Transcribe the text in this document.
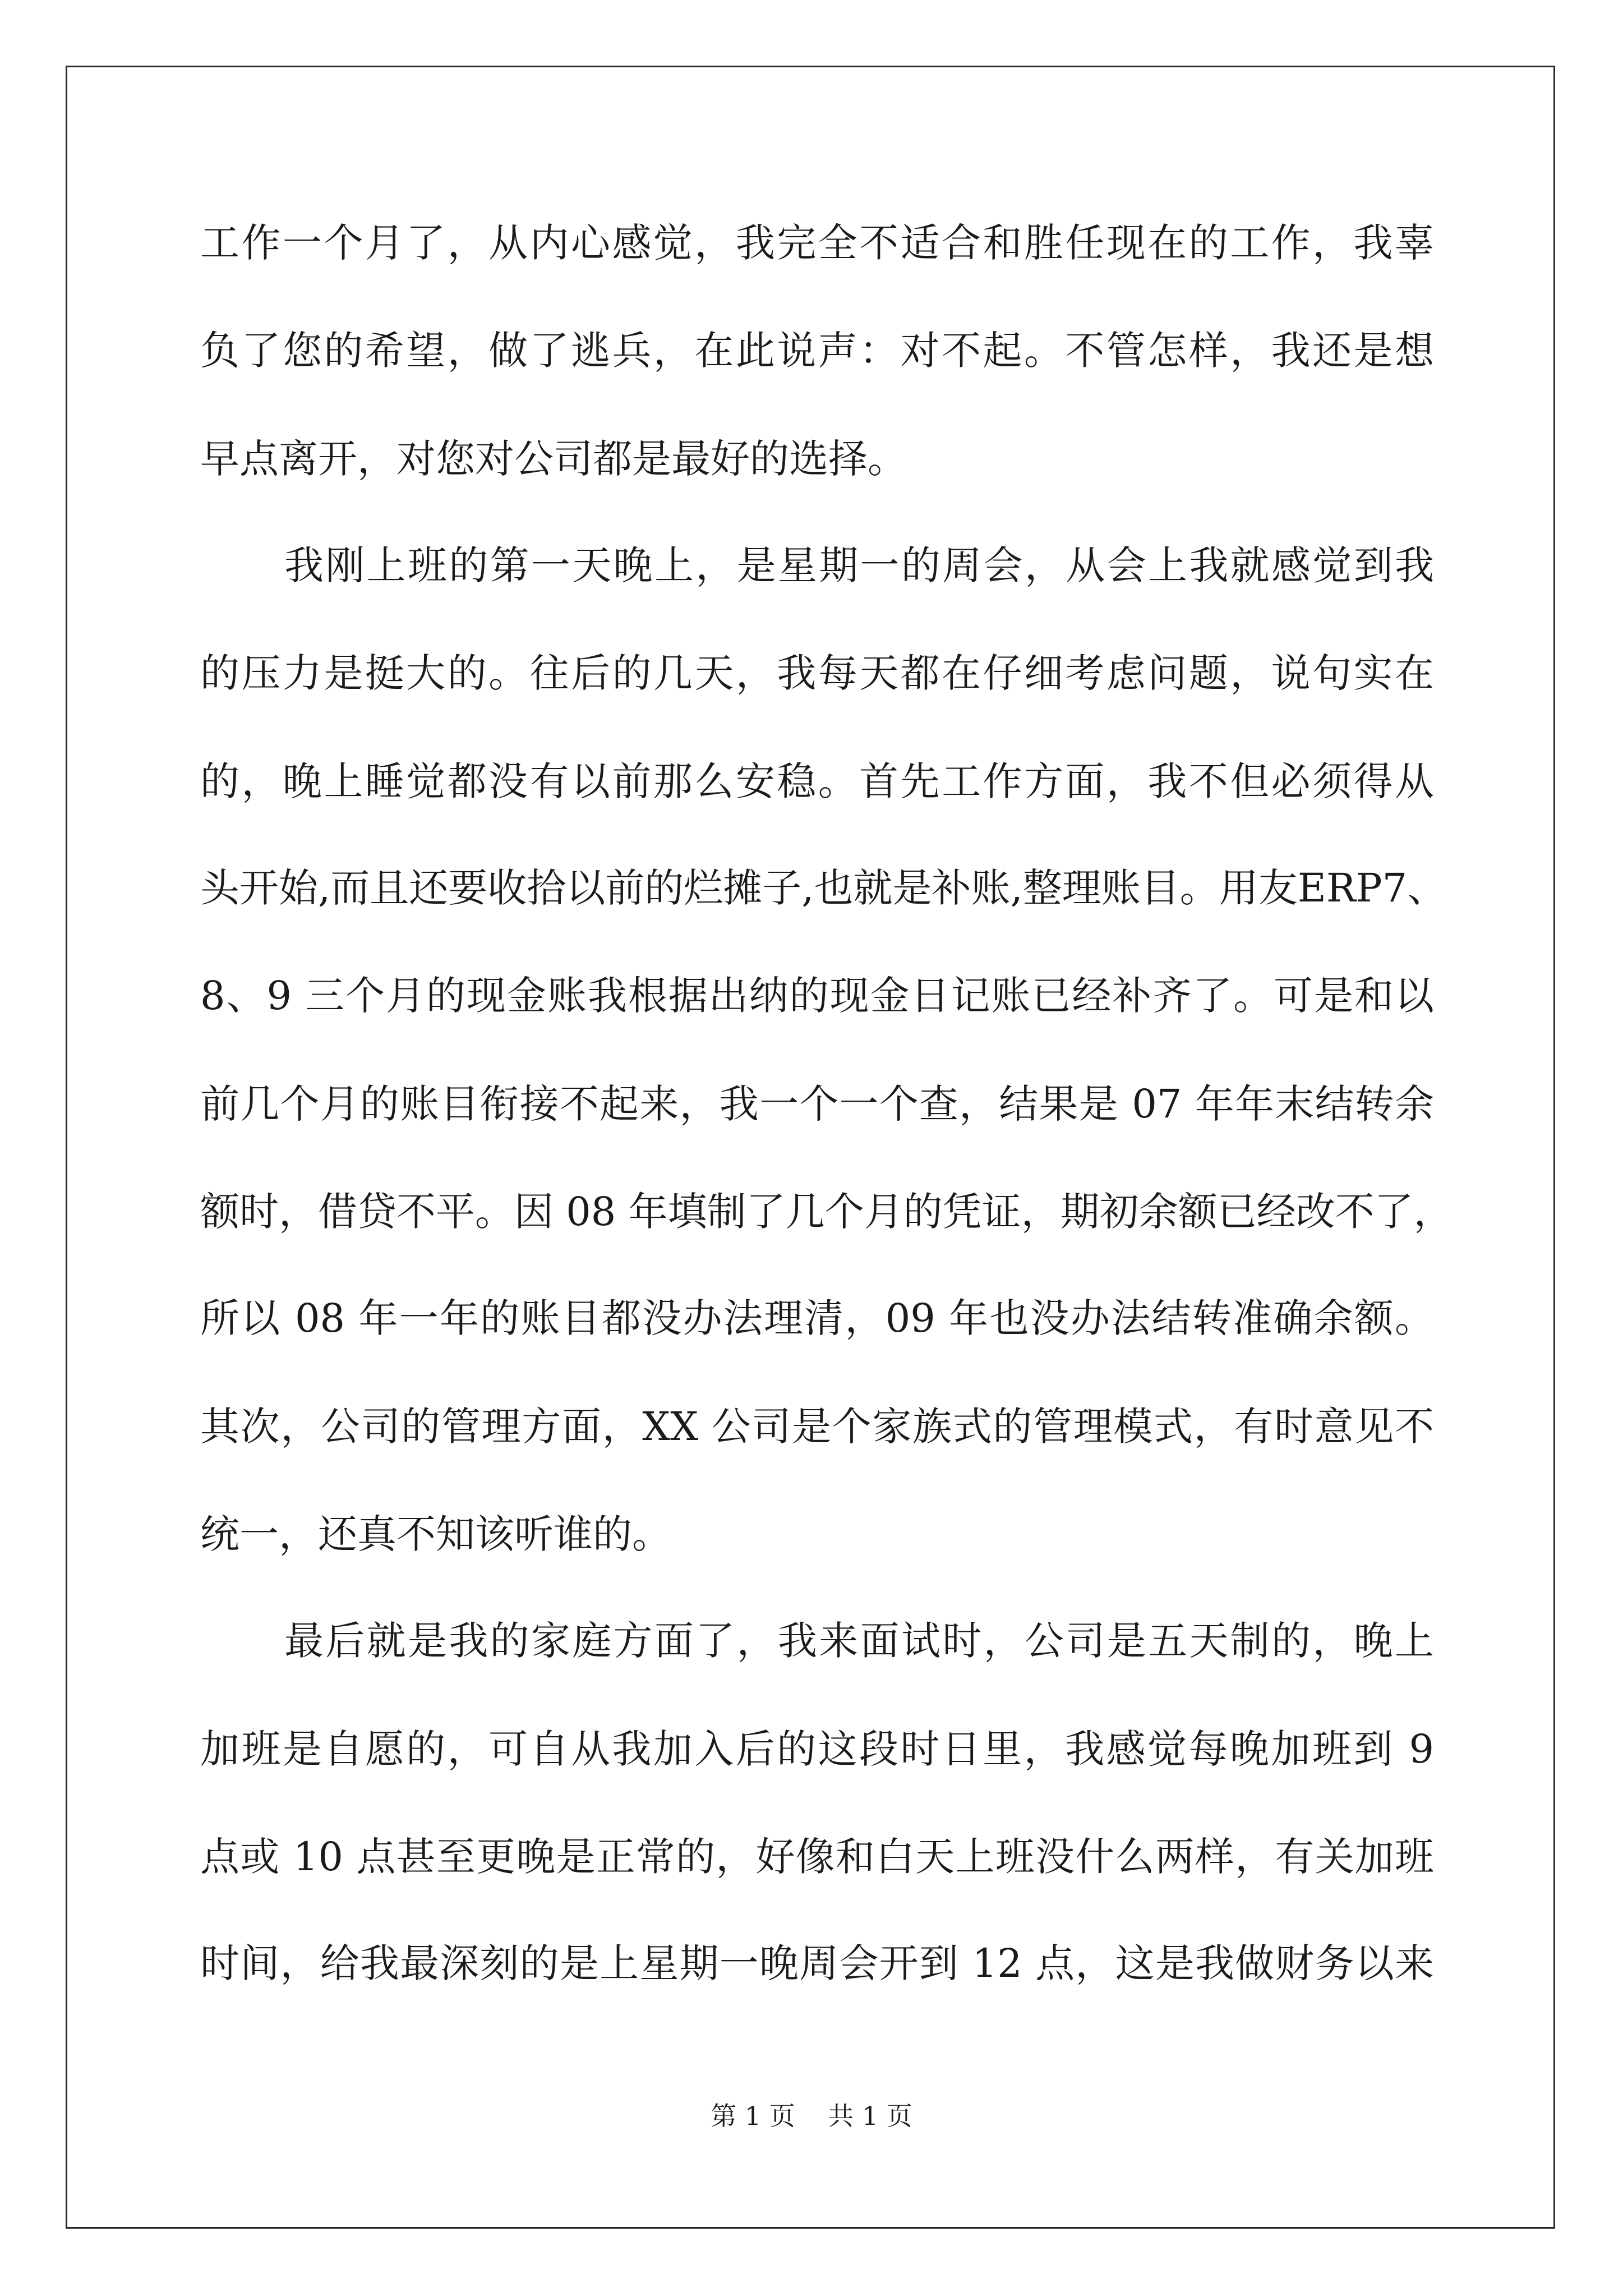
工作一个月了，从内心感觉，我完全不适合和胜任现在的工作，我辜
负了您的希望，做了逃兵，在此说声：对不起。不管怎样，我还是想
早点离开，对您对公司都是最好的选择。
我刚上班的第一天晚上，是星期一的周会，从会上我就感觉到我
的压力是挺大的。往后的几天，我每天都在仔细考虑问题，说句实在
的，晚上睡觉都没有以前那么安稳。首先工作方面，我不但必须得从
头开始,而且还要收拾以前的烂摊子,也就是补账,整理账目。用友ERP7、
8、9 三个月的现金账我根据出纳的现金日记账已经补齐了。可是和以
前几个月的账目衔接不起来，我一个一个查，结果是 07 年年末结转余
额时，借贷不平。因 08 年填制了几个月的凭证，期初余额已经改不了，
所以 08 年一年的账目都没办法理清，09 年也没办法结转准确余额。
其次，公司的管理方面，XX 公司是个家族式的管理模式，有时意见不
统一，还真不知该听谁的。
最后就是我的家庭方面了，我来面试时，公司是五天制的，晚上
加班是自愿的，可自从我加入后的这段时日里，我感觉每晚加班到 9
点或 10 点甚至更晚是正常的，好像和白天上班没什么两样，有关加班
时间，给我最深刻的是上星期一晚周会开到 12 点，这是我做财务以来
第 1 页 共 1 页
